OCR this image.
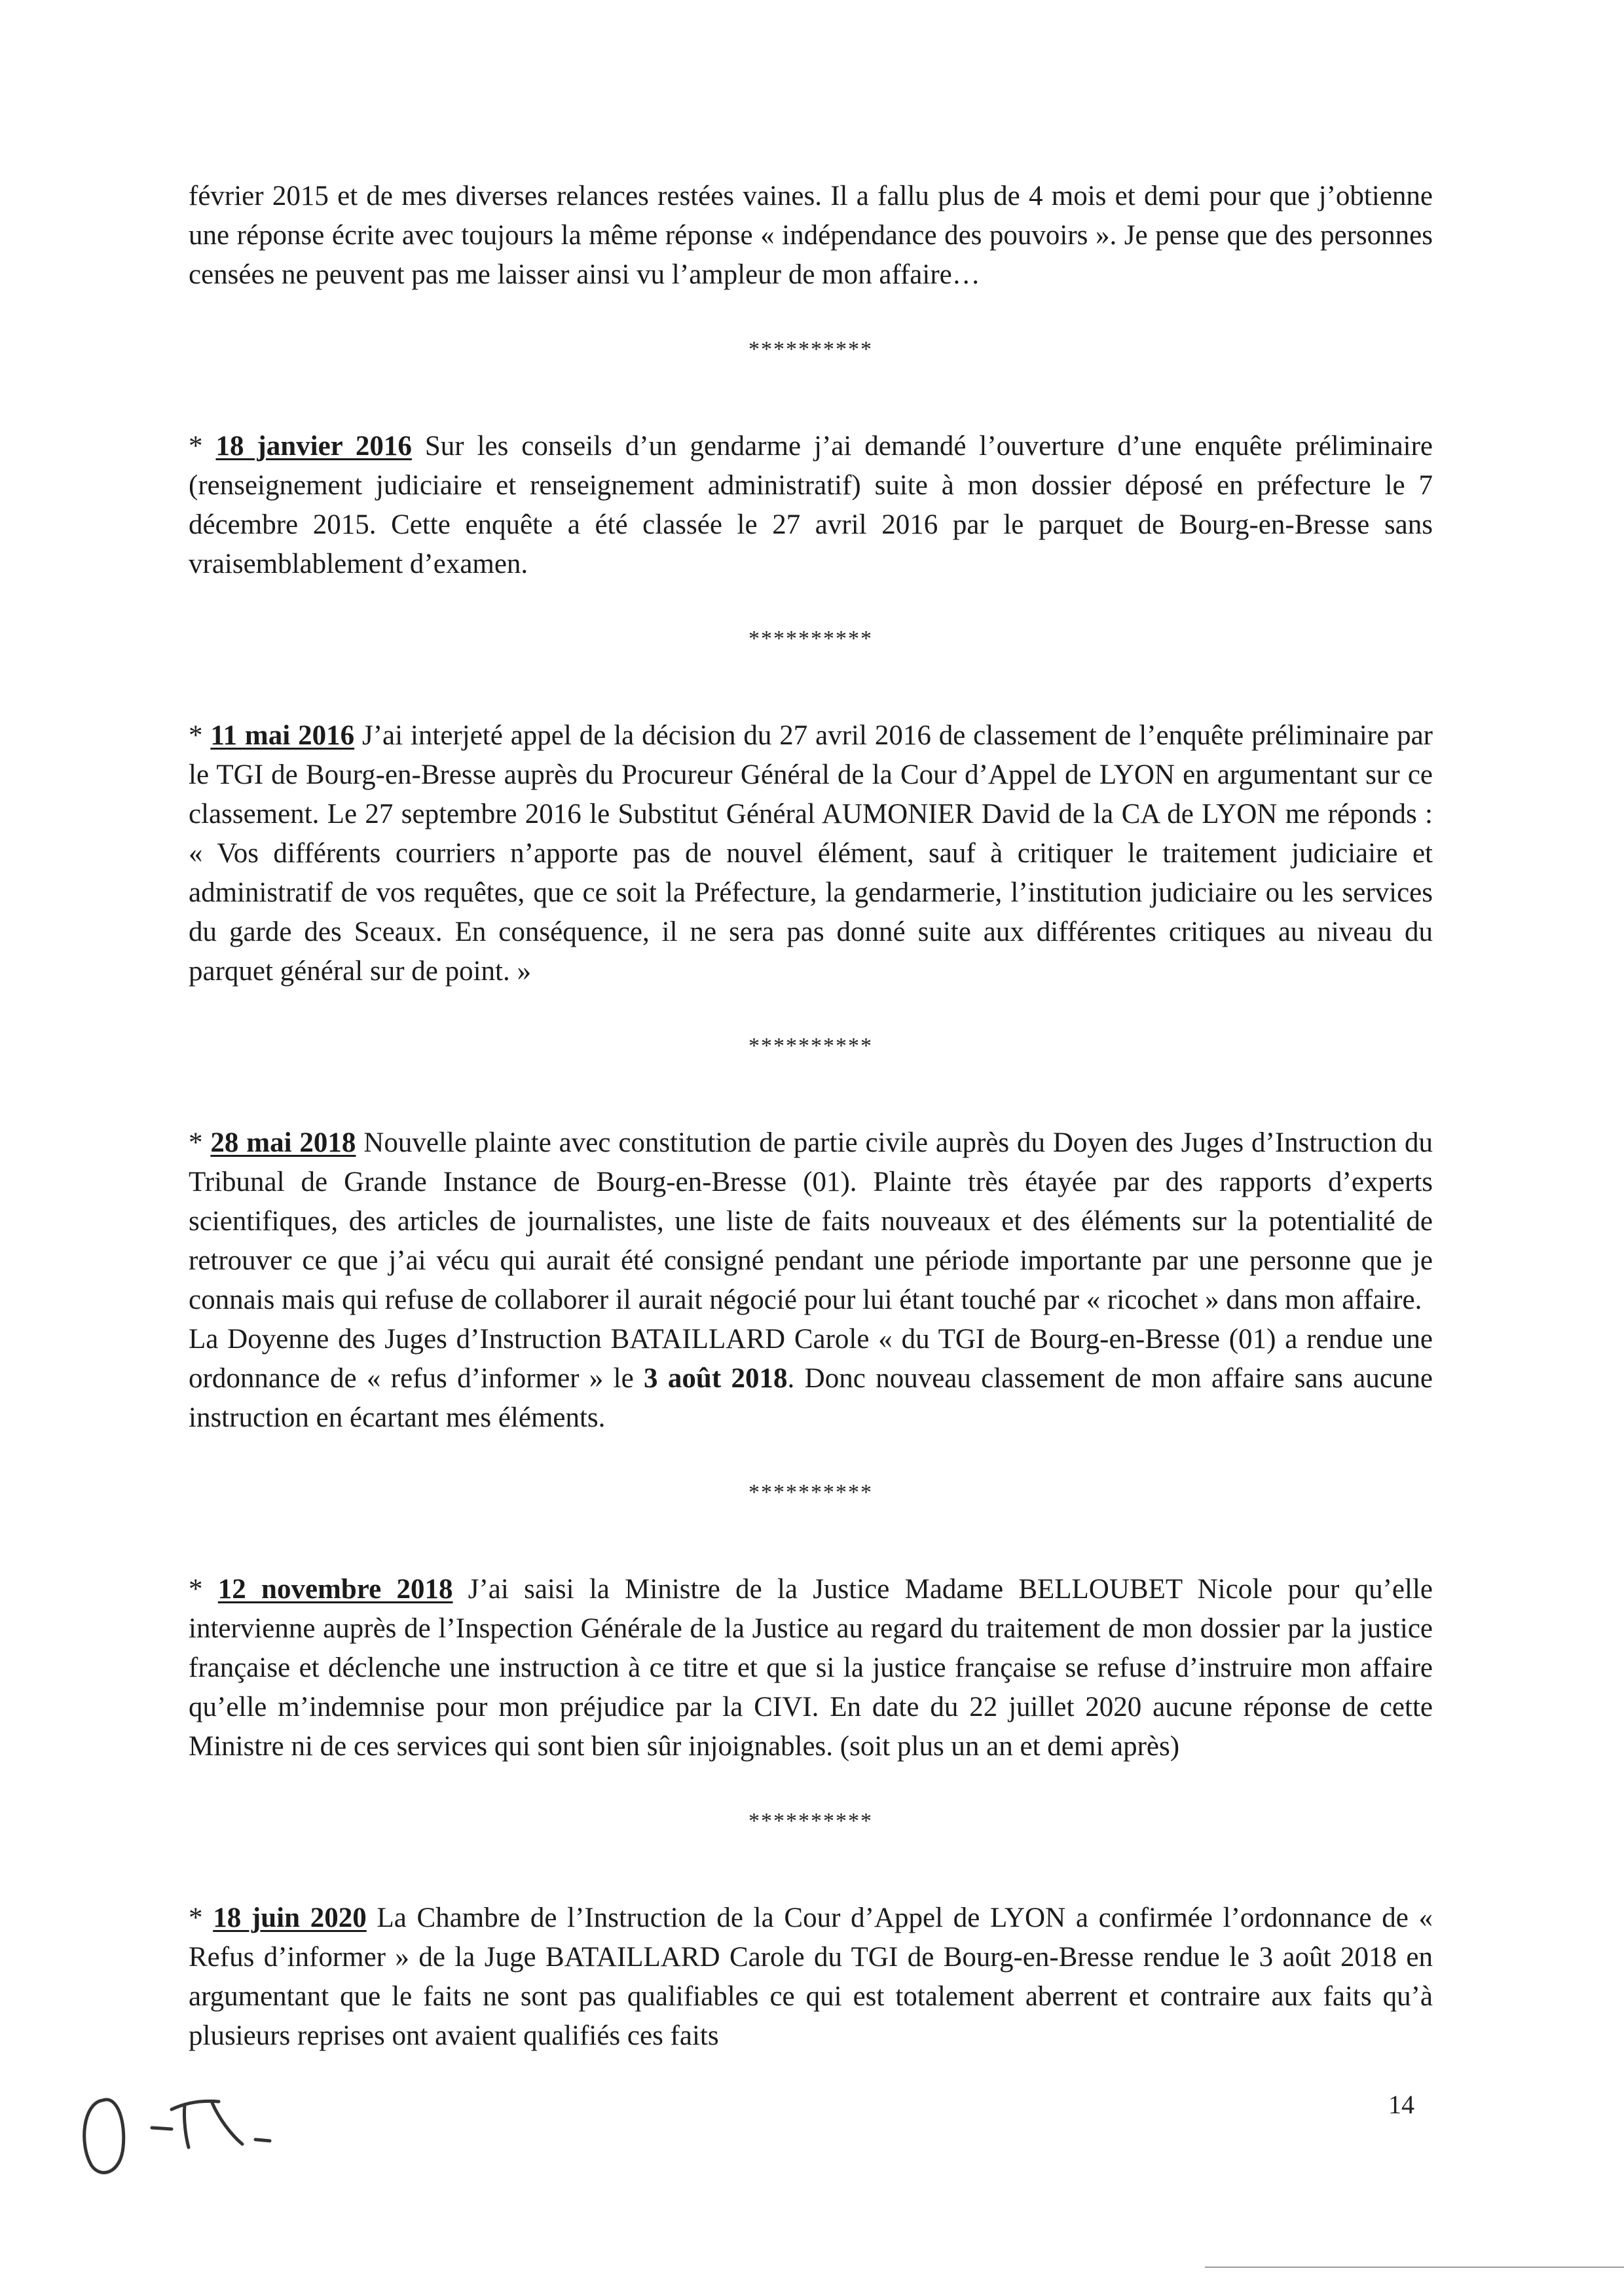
février 2015 et de mes diverses relances restées vaines. Il a fallu plus de 4 mois et demi pour que j’obtienne une réponse écrite avec toujours la même réponse « indépendance des pouvoirs ». Je pense que des personnes censées ne peuvent pas me laisser ainsi vu l’ampleur de mon affaire…

**********

* 18 janvier 2016 Sur les conseils d’un gendarme j’ai demandé l’ouverture d’une enquête préliminaire (renseignement judiciaire et renseignement administratif) suite à mon dossier déposé en préfecture le 7 décembre 2015. Cette enquête a été classée le 27 avril 2016 par le parquet de Bourg-en-Bresse sans vraisemblablement d’examen.

**********

* 11 mai 2016 J’ai interjeté appel de la décision du 27 avril 2016 de classement de l’enquête préliminaire par le TGI de Bourg-en-Bresse auprès du Procureur Général de la Cour d’Appel de LYON en argumentant sur ce classement. Le 27 septembre 2016 le Substitut Général AUMONIER David de la CA de LYON me réponds : « Vos différents courriers n’apporte pas de nouvel élément, sauf à critiquer le traitement judiciaire et administratif de vos requêtes, que ce soit la Préfecture, la gendarmerie, l’institution judiciaire ou les services du garde des Sceaux. En conséquence, il ne sera pas donné suite aux différentes critiques au niveau du parquet général sur de point. »

**********

* 28 mai 2018 Nouvelle plainte avec constitution de partie civile auprès du Doyen des Juges d’Instruction du Tribunal de Grande Instance de Bourg-en-Bresse (01). Plainte très étayée par des rapports d’experts scientifiques, des articles de journalistes, une liste de faits nouveaux et des éléments sur la potentialité de retrouver ce que j’ai vécu qui aurait été consigné pendant une période importante par une personne que je connais mais qui refuse de collaborer il aurait négocié pour lui étant touché par « ricochet » dans mon affaire.

La Doyenne des Juges d’Instruction BATAILLARD Carole « du TGI de Bourg-en-Bresse (01) a rendue une ordonnance de « refus d’informer » le 3 août 2018. Donc nouveau classement de mon affaire sans aucune instruction en écartant mes éléments.

**********

* 12 novembre 2018 J’ai saisi la Ministre de la Justice Madame BELLOUBET Nicole pour qu’elle intervienne auprès de l’Inspection Générale de la Justice au regard du traitement de mon dossier par la justice française et déclenche une instruction à ce titre et que si la justice française se refuse d’instruire mon affaire qu’elle m’indemnise pour mon préjudice par la CIVI. En date du 22 juillet 2020 aucune réponse de cette Ministre ni de ces services qui sont bien sûr injoignables. (soit plus un an et demi après)

**********

* 18 juin 2020 La Chambre de l’Instruction de la Cour d’Appel de LYON a confirmée l’ordonnance de « Refus d’informer » de la Juge BATAILLARD Carole du TGI de Bourg-en-Bresse rendue le 3 août 2018 en argumentant que le faits ne sont pas qualifiables ce qui est totalement aberrent et contraire aux faits qu’à plusieurs reprises ont avaient qualifiés ces faits

14
